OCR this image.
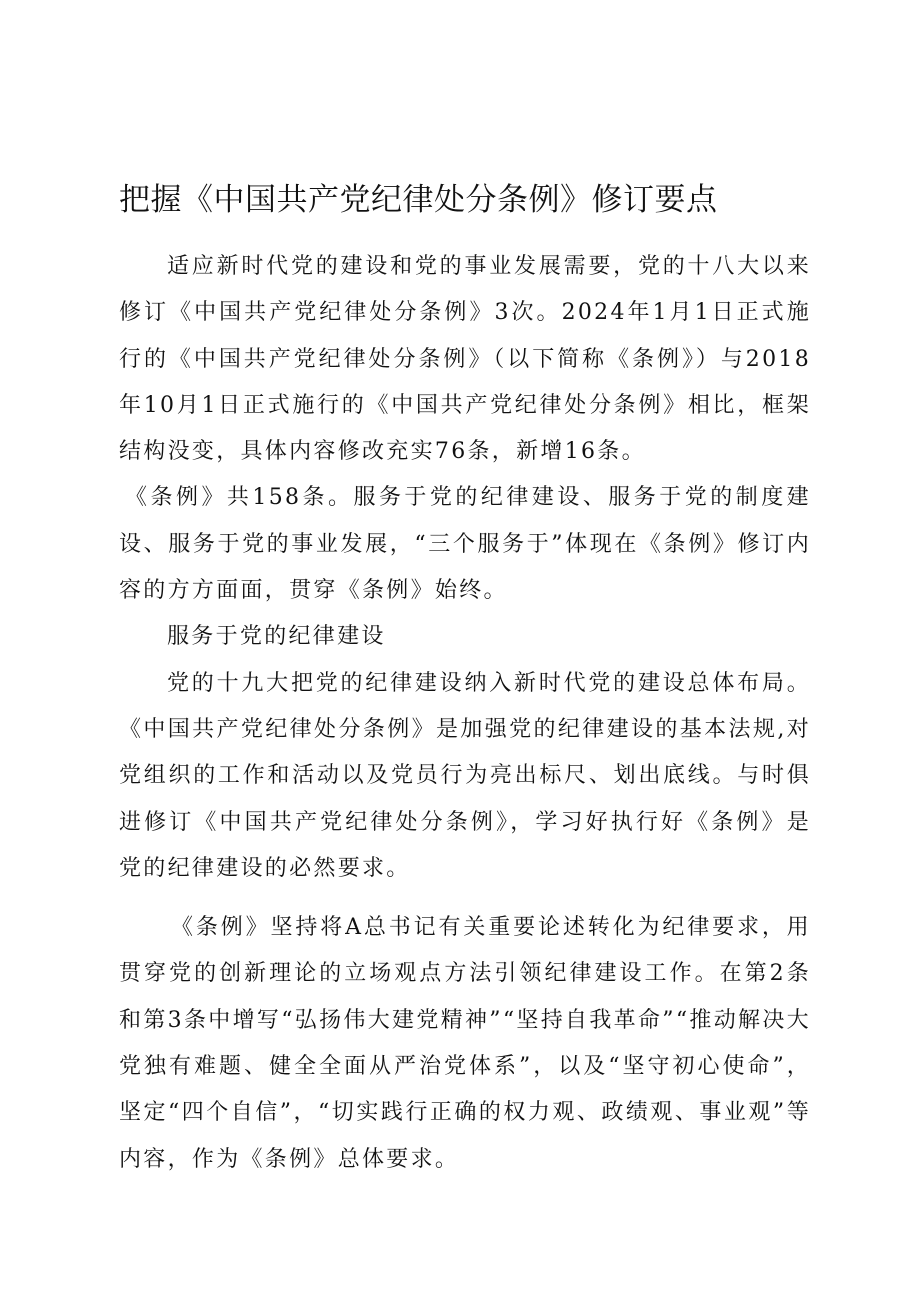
把握《中国共产党纪律处分条例》修订要点

适应新时代党的建设和党的事业发展需要，党的十八大以来修订《中国共产党纪律处分条例》3次。2024年1月1日正式施行的《中国共产党纪律处分条例》（以下简称《条例》）与2018年10月1日正式施行的《中国共产党纪律处分条例》相比，框架结构没变，具体内容修改充实76条，新增16条。

《条例》共158条。服务于党的纪律建设、服务于党的制度建设、服务于党的事业发展，“三个服务于”体现在《条例》修订内容的方方面面，贯穿《条例》始终。

服务于党的纪律建设

党的十九大把党的纪律建设纳入新时代党的建设总体布局。《中国共产党纪律处分条例》是加强党的纪律建设的基本法规,对党组织的工作和活动以及党员行为亮出标尺、划出底线。与时俱进修订《中国共产党纪律处分条例》，学习好执行好《条例》是党的纪律建设的必然要求。

《条例》坚持将A总书记有关重要论述转化为纪律要求，用贯穿党的创新理论的立场观点方法引领纪律建设工作。在第2条和第3条中增写“弘扬伟大建党精神”“坚持自我革命”“推动解决大党独有难题、健全全面从严治党体系”，以及“坚守初心使命”，坚定“四个自信”，“切实践行正确的权力观、政绩观、事业观”等内容，作为《条例》总体要求。
